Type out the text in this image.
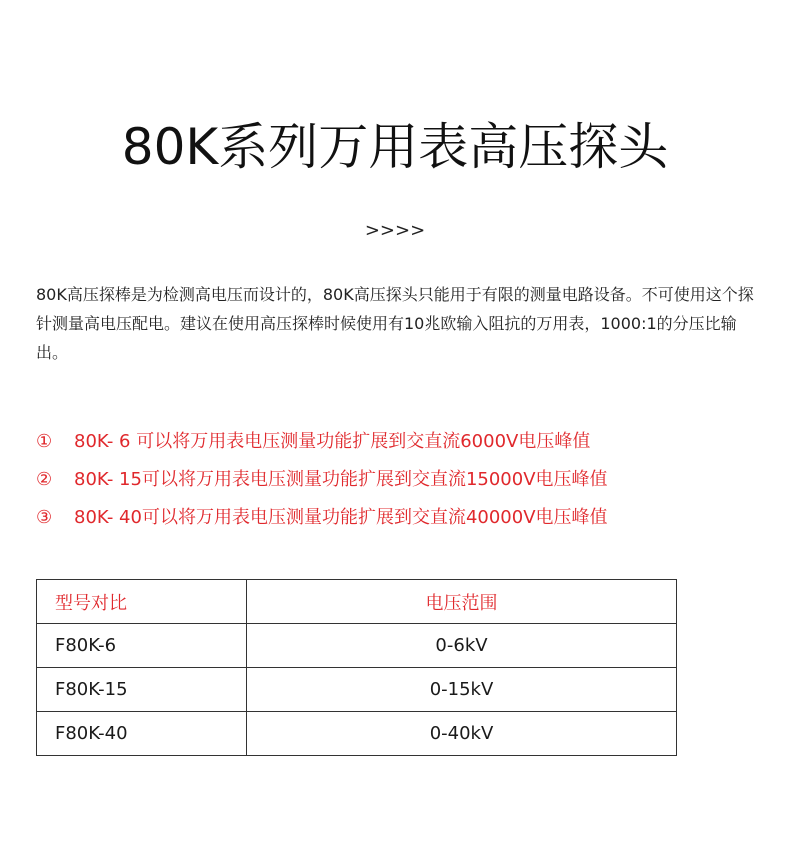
80K系列万用表高压探头
>>>>

80K高压探棒是为检测高电压而设计的，80K高压探头只能用于有限的测量电路设备。不可使用这个探针测量高电压配电。建议在使用高压探棒时候使用有10兆欧输入阻抗的万用表，1000:1的分压比输出。

① 80K- 6 可以将万用表电压测量功能扩展到交直流6000V电压峰值
② 80K- 15可以将万用表电压测量功能扩展到交直流15000V电压峰值
③ 80K- 40可以将万用表电压测量功能扩展到交直流40000V电压峰值
型号对比	电压范围
F80K-6	0-6kV
F80K-15	0-15kV
F80K-40	0-40kV
